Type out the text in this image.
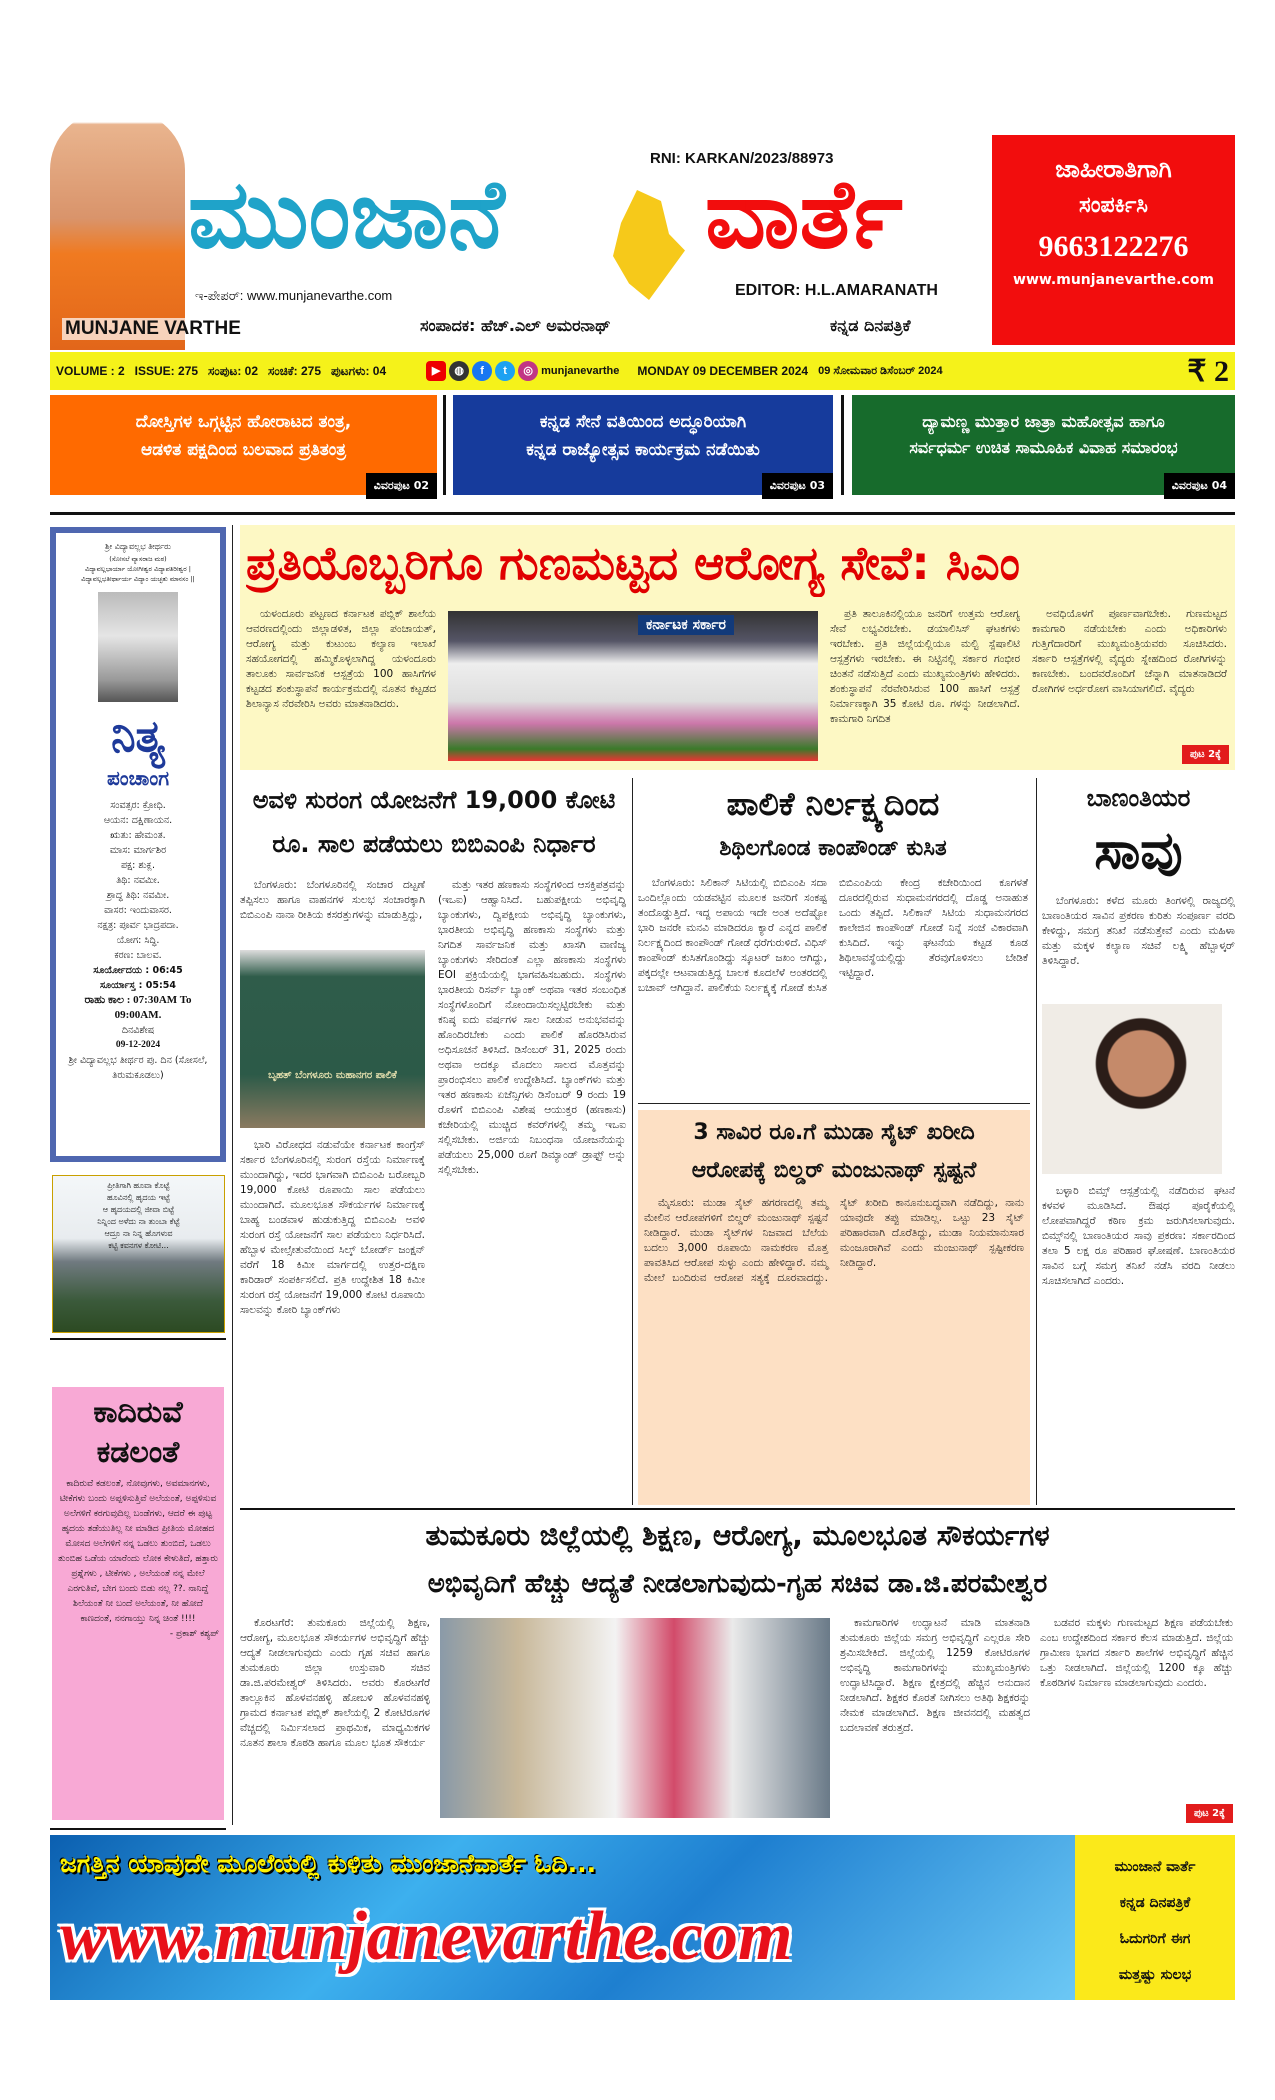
MUNJANE VARTHE
RNI: KARKAN/2023/88973
ಮುಂಜಾನೆ ವಾರ್ತೆ
ಇ-ಪೇಪರ್: www.munjanevarthe.com	EDITOR: H.L.AMARANATH
ಸಂಪಾದಕ: ಹೆಚ್.ಎಲ್ ಅಮರನಾಥ್	ಕನ್ನಡ ದಿನಪತ್ರಿಕೆ
ಜಾಹೀರಾತಿಗಾಗಿ
ಸಂಪರ್ಕಿಸಿ
9663122276
www.munjanevarthe.com
VOLUME : 2 ISSUE: 275 ಸಂಪುಟ: 02 ಸಂಚಿಕೆ: 275 ಪುಟಗಳು: 04	▶	◍	f	t	◎ munjanevarthe MONDAY 09 DECEMBER 2024 09 ಸೋಮವಾರ ಡಿಸೆಂಬರ್ 2024	₹ 2
ದೋಸ್ತಿಗಳ ಒಗ್ಗಟ್ಟಿನ ಹೋರಾಟದ ತಂತ್ರ,
ಆಡಳಿತ ಪಕ್ಷದಿಂದ ಬಲವಾದ ಪ್ರತಿತಂತ್ರ
ವಿವರಪುಟ 02
ಕನ್ನಡ ಸೇನೆ ವತಿಯಿಂದ ಅದ್ಧೂರಿಯಾಗಿ
ಕನ್ನಡ ರಾಜ್ಯೋತ್ಸವ ಕಾರ್ಯಕ್ರಮ ನಡೆಯಿತು
ವಿವರಪುಟ 03
ದ್ಯಾಮಣ್ಣ ಮುತ್ತಾರ ಜಾತ್ರಾ ಮಹೋತ್ಸವ ಹಾಗೂ
ಸರ್ವಧರ್ಮ ಉಚಿತ ಸಾಮೂಹಿಕ ವಿವಾಹ ಸಮಾರಂಭ
ವಿವರಪುಟ 04
ಶ್ರೀ ವಿದ್ಯಾವಲ್ಲಭ ತೀರ್ಥರು
(ಸೋಸಲೆ ವ್ಯಾಸರಾಜ ಮಠ)
ವಿದ್ಯಾವಲ್ಲಭಾರ್ಯಾ ಯೋಗೀಶ್ವರ ವಿದ್ಯಾಪತಿರೀಶ್ವರ |
ವಿದ್ಯಾವಲ್ಲಭತೀರ್ಥಾರ್ಯ ವಿದ್ಯಾಂ ಯಚ್ಛತು ಮಾನಸಂ ||
ನಿತ್ಯ
ಪಂಚಾಂಗ
ಸಂವತ್ಸರ: ಕ್ರೋಧಿ.
ಆಯನ: ದಕ್ಷಿಣಾಯನ.
ಋತು: ಹೇಮಂತ.
ಮಾಸ: ಮಾರ್ಗಶಿರ
ಪಕ್ಷ: ಶುಕ್ಲ.
ತಿಥಿ: ನವಮೀ.
ಶ್ರಾದ್ಧ ತಿಥಿ: ನವಮೀ.
ವಾಸರ: ಇಂದುವಾಸರ.
ನಕ್ಷತ್ರ: ಪೂರ್ವ ಭಾದ್ರಪದಾ.
ಯೋಗ: ಸಿದ್ಧಿ.
ಕರಣ: ಬಾಲವ.
ಸೂರ್ಯೋದಯ : 06:45
ಸೂರ್ಯಾಸ್ತ : 05:54
ರಾಹು ಕಾಲ : 07:30AM To 09:00AM.
ದಿನವಿಶೇಷ
09-12-2024
ಶ್ರೀ ವಿದ್ಯಾವಲ್ಲಭ ತೀರ್ಥರ ಪು. ದಿನ (ಸೋಸಲೆ, ತಿರುಮಕೂಡಲು)
ಪ್ರೀತಿಗಾಗಿ ಹೂವಾ ಕೊಟ್ಟೆ
ಹೂವಿನಲ್ಲಿ ಹೃದಯ ಇಟ್ಟೆ
ಆ ಹೃದಯದಲ್ಲಿ ಜೀವಾ ಬಿಟ್ಟೆ
ನಿನ್ನಿಂದ ಅಳೆದು ನಾ ತುಂಬಾ ಕೆಟ್ಟೆ
ಆದ್ರೂ ನಾ ನಿನ್ನ ಹೊಗಳುವ
ಕಟ್ಟಿ ಕವನಗಳ ಕೋಟಿ...
ಕಾದಿರುವೆ
ಕಡಲಂತೆ
ಕಾದಿರುವೆ ಕಡಲಂತೆ, ನೋವುಗಳು, ಅವಮಾನಗಳು, ಟೀಕೆಗಳು ಬಂದು ಅಪ್ಪಳಿಸುತ್ತಿವೆ ಅಲೆಯಂತೆ, ಅಪ್ಪಳಿಸುವ ಅಲೆಗಳಿಗೆ ಕರಗುವುದಿಲ್ಲ ಬಂಡೆಗಳು, ಆದರೆ ಈ ಪುಟ್ಟ ಹೃದಯ ತಡೆಯುತಿಲ್ಲ ನೀ ಮಾಡಿದ ಪ್ರೀತಿಯ ಮೋಹದ ಮೋಸದ ಅಲೆಗಳಿಗೆ ನನ್ನ ಒಡಲು ತುಂಬಿದೆ, ಒಡಲು ತುಂಬಿಹ ಒಡೆಯ ಯಾರೆಂದು ಲೋಕ ಕೇಳುತಿದೆ, ಹತ್ತಾರು ಪ್ರಶ್ನೆಗಳು , ಟೀಕೆಗಳು , ಅಲೆಯಂತೆ ನನ್ನ ಮೇಲೆ ಎರಗುತಿವೆ, ಬೇಗ ಬಂದು ಬಿಡು ನಲ್ಲ ??. ನಾನಿದ್ದೆ ಶಿಲೆಯಂತೆ ನೀ ಬಂದೆ ಅಲೆಯಂತೆ, ನೀ ಹೋದೆ ಕಾಣದಂತೆ, ನನಗಾಯ್ತು ನಿನ್ನ ಚಿಂತೆ !!!!
- ಪ್ರಕಾಶ್ ಕಶ್ಯಪ್
ಪ್ರತಿಯೊಬ್ಬರಿಗೂ ಗುಣಮಟ್ಟದ ಆರೋಗ್ಯ ಸೇವೆ: ಸಿಎಂ
ಯಳಂದೂರು ಪಟ್ಟಣದ ಕರ್ನಾಟಕ ಪಬ್ಲಿಕ್ ಶಾಲೆಯ ಆವರಣದಲ್ಲಿಂದು ಜಿಲ್ಲಾಡಳಿತ, ಜಿಲ್ಲಾ ಪಂಚಾಯತ್, ಆರೋಗ್ಯ ಮತ್ತು ಕುಟುಂಬ ಕಲ್ಯಾಣ ಇಲಾಖೆ ಸಹಯೋಗದಲ್ಲಿ ಹಮ್ಮಿಕೊಳ್ಳಲಾಗಿದ್ದ ಯಳಂದೂರು ತಾಲೂಕು ಸಾರ್ವಜನಿಕ ಆಸ್ಪತ್ರೆಯ 100 ಹಾಸಿಗೆಗಳ ಕಟ್ಟಡದ ಶಂಕುಸ್ಥಾಪನೆ ಕಾರ್ಯಕ್ರಮದಲ್ಲಿ ನೂತನ ಕಟ್ಟಡದ ಶಿಲಾನ್ಯಾಸ ನೆರವೇರಿಸಿ ಅವರು ಮಾತನಾಡಿದರು.
ಕರ್ನಾಟಕ ಸರ್ಕಾರ
ಪ್ರತಿ ತಾಲೂಕಿನಲ್ಲಿಯೂ ಜನರಿಗೆ ಉತ್ತಮ ಆರೋಗ್ಯ ಸೇವೆ ಲಭ್ಯವಿರಬೇಕು. ಡಯಾಲಿಸಿಸ್ ಘಟಕಗಳು ಇರಬೇಕು. ಪ್ರತಿ ಜಿಲ್ಲೆಯಲ್ಲಿಯೂ ಮಲ್ಟಿ ಸ್ಪೆಷಾಲಿಟಿ ಆಸ್ಪತ್ರೆಗಳು ಇರಬೇಕು. ಈ ನಿಟ್ಟಿನಲ್ಲಿ ಸರ್ಕಾರ ಗಂಭೀರ ಚಿಂತನೆ ನಡೆಸುತ್ತಿದೆ ಎಂದು ಮುಖ್ಯಮಂತ್ರಿಗಳು ಹೇಳಿದರು. ಶಂಕುಸ್ಥಾಪನೆ ನೆರವೇರಿಸಿರುವ 100 ಹಾಸಿಗೆ ಆಸ್ಪತ್ರೆ ನಿರ್ಮಾಣಕ್ಕಾಗಿ 35 ಕೋಟಿ ರೂ. ಗಳನ್ನು ನೀಡಲಾಗಿದೆ. ಕಾಮಗಾರಿ ನಿಗದಿತ
ಅವಧಿಯೊಳಗೆ ಪೂರ್ಣವಾಗಬೇಕು. ಗುಣಮಟ್ಟದ ಕಾಮಗಾರಿ ನಡೆಯಬೇಕು ಎಂದು ಅಧಿಕಾರಿಗಳು ಗುತ್ತಿಗೆದಾರರಿಗೆ ಮುಖ್ಯಮಂತ್ರಿಯವರು ಸೂಚಿಸಿದರು. ಸರ್ಕಾರಿ ಆಸ್ಪತ್ರೆಗಳಲ್ಲಿ ವೈದ್ಯರು ಸ್ನೇಹದಿಂದ ರೋಗಿಗಳನ್ನು ಕಾಣಬೇಕು. ಬಂದವರೊಂದಿಗೆ ಚೆನ್ನಾಗಿ ಮಾತನಾಡಿದರೆ ರೋಗಿಗಳ ಅರ್ಧರೋಗ ವಾಸಿಯಾಗಲಿದೆ. ವೈದ್ಯರು
ಪುಟ 2ಕ್ಕೆ
ಅವಳಿ ಸುರಂಗ ಯೋಜನೆಗೆ 19,000 ಕೋಟಿ
ರೂ. ಸಾಲ ಪಡೆಯಲು ಬಿಬಿಎಂಪಿ ನಿರ್ಧಾರ
ಬೆಂಗಳೂರು: ಬೆಂಗಳೂರಿನಲ್ಲಿ ಸಂಚಾರ ದಟ್ಟಣೆ ತಪ್ಪಿಸಲು ಹಾಗೂ ವಾಹನಗಳ ಸುಲಭ ಸಂಚಾರಕ್ಕಾಗಿ ಬಿಬಿಎಂಪಿ ನಾನಾ ರೀತಿಯ ಕಸರತ್ತುಗಳನ್ನು ಮಾಡುತ್ತಿದ್ದು,
ಬೃಹತ್ ಬೆಂಗಳೂರು ಮಹಾನಗರ ಪಾಲಿಕೆ
ಭಾರಿ ವಿರೋಧದ ನಡುವೆಯೇ ಕರ್ನಾಟಕ ಕಾಂಗ್ರೆಸ್ ಸರ್ಕಾರ ಬೆಂಗಳೂರಿನಲ್ಲಿ ಸುರಂಗ ರಸ್ತೆಯ ನಿರ್ಮಾಣಕ್ಕೆ ಮುಂದಾಗಿದ್ದು, ಇದರ ಭಾಗವಾಗಿ ಬಿಬಿಎಂಪಿ ಬರೋಬ್ಬರಿ 19,000 ಕೋಟಿ ರೂಪಾಯಿ ಸಾಲ ಪಡೆಯಲು ಮುಂದಾಗಿದೆ. ಮೂಲಭೂತ ಸೌಕರ್ಯಗಳ ನಿರ್ಮಾಣಕ್ಕೆ ಬಾಹ್ಯ ಬಂಡವಾಳ ಹುಡುಕುತ್ತಿದ್ದ ಬಿಬಿಎಂಪಿ ಅವಳಿ ಸುರಂಗ ರಸ್ತೆ ಯೋಜನೆಗೆ ಸಾಲ ಪಡೆಯಲು ನಿರ್ಧರಿಸಿದೆ. ಹೆಬ್ಬಾಳ ಮೇಲ್ಸೇತುವೆಯಿಂದ ಸಿಲ್ಕ್ ಬೋರ್ಡ್ ಜಂಕ್ಷನ್ ವರೆಗೆ 18 ಕಿಮೀ ಮಾರ್ಗದಲ್ಲಿ ಉತ್ತರ-ದಕ್ಷಿಣ ಕಾರಿಡಾರ್ ಸಂಪರ್ಕಿಸಲಿದೆ. ಪ್ರತಿ ಉದ್ದೇಶಿತ 18 ಕಿಮೀ ಸುರಂಗ ರಸ್ತೆ ಯೋಜನೆಗೆ 19,000 ಕೋಟಿ ರೂಪಾಯಿ ಸಾಲವನ್ನು ಕೋರಿ ಬ್ಯಾಂಕ್‌ಗಳು
ಮತ್ತು ಇತರ ಹಣಕಾಸು ಸಂಸ್ಥೆಗಳಿಂದ ಆಸಕ್ತಿಪತ್ರವನ್ನು (ಇಒಐ) ಆಹ್ವಾನಿಸಿದೆ. ಬಹುಪಕ್ಷೀಯ ಅಭಿವೃದ್ಧಿ ಬ್ಯಾಂಕುಗಳು, ದ್ವಿಪಕ್ಷೀಯ ಅಭಿವೃದ್ಧಿ ಬ್ಯಾಂಕುಗಳು, ಭಾರತೀಯ ಅಭಿವೃದ್ಧಿ ಹಣಕಾಸು ಸಂಸ್ಥೆಗಳು ಮತ್ತು ನಿಗದಿತ ಸಾರ್ವಜನಿಕ ಮತ್ತು ಖಾಸಗಿ ವಾಣಿಜ್ಯ ಬ್ಯಾಂಕುಗಳು ಸೇರಿದಂತೆ ಎಲ್ಲಾ ಹಣಕಾಸು ಸಂಸ್ಥೆಗಳು EOI ಪ್ರಕ್ರಿಯೆಯಲ್ಲಿ ಭಾಗವಹಿಸಬಹುದು. ಸಂಸ್ಥೆಗಳು ಭಾರತೀಯ ರಿಸರ್ವ್ ಬ್ಯಾಂಕ್ ಅಥವಾ ಇತರ ಸಂಬಂಧಿತ ಸಂಸ್ಥೆಗಳೊಂದಿಗೆ ನೋಂದಾಯಿಸಲ್ಪಟ್ಟಿರಬೇಕು ಮತ್ತು ಕನಿಷ್ಠ ಐದು ವರ್ಷಗಳ ಸಾಲ ನೀಡುವ ಅನುಭವವನ್ನು ಹೊಂದಿರಬೇಕು ಎಂದು ಪಾಲಿಕೆ ಹೊರಡಿಸಿರುವ ಅಧಿಸೂಚನೆ ತಿಳಿಸಿದೆ. ಡಿಸೆಂಬರ್ 31, 2025 ರಂದು ಅಥವಾ ಅದಕ್ಕೂ ಮೊದಲು ಸಾಲದ ಮೊತ್ತವನ್ನು ಪ್ರಾರಂಭಿಸಲು ಪಾಲಿಕೆ ಉದ್ದೇಶಿಸಿದೆ. ಬ್ಯಾಂಕ್‌ಗಳು ಮತ್ತು ಇತರ ಹಣಕಾಸು ಏಜೆನ್ಸಿಗಳು ಡಿಸೆಂಬರ್ 9 ರಂದು 19 ರೊಳಗೆ ಬಿಬಿಎಂಪಿ ವಿಶೇಷ ಆಯುಕ್ತರ (ಹಣಕಾಸು) ಕಚೇರಿಯಲ್ಲಿ ಮುಚ್ಚಿದ ಕವರ್‌ಗಳಲ್ಲಿ ತಮ್ಮ ಇಒಐ ಸಲ್ಲಿಸಬೇಕು. ಅರ್ಜಿಯ ನಿಬಂಧನಾ ಯೋಜನೆಯನ್ನು ಪಡೆಯಲು 25,000 ರೂಗೆ ಡಿಮ್ಯಾಂಡ್ ಡ್ರಾಫ್ಟ್ ಅನ್ನು ಸಲ್ಲಿಸಬೇಕು.
ಪಾಲಿಕೆ ನಿರ್ಲಕ್ಷ್ಯದಿಂದ
ಶಿಥಿಲಗೊಂಡ ಕಾಂಪೌಂಡ್ ಕುಸಿತ
ಬೆಂಗಳೂರು: ಸಿಲಿಕಾನ್ ಸಿಟಿಯಲ್ಲಿ ಬಿಬಿಎಂಪಿ ಸದಾ ಒಂದಿಲ್ಲೊಂದು ಯಡವಟ್ಟಿನ ಮೂಲಕ ಜನರಿಗೆ ಸಂಕಷ್ಟ ತಂದೊಡ್ಡುತ್ತಿದೆ. ಇದ್ದ ಅಪಾಯ ಇದೇ ಅಂತ ಅದೆಷ್ಟೋ ಭಾರಿ ಜನರೇ ಮನವಿ ಮಾಡಿದರೂ ಕ್ಯಾರೆ ಎನ್ನದ ಪಾಲಿಕೆ ನಿರ್ಲಕ್ಷ್ಯದಿಂದ ಕಾಂಪೌಂಡ್ ಗೋಡೆ ಧರೆಗುರುಳಿದೆ. ವಿಧಿಸ್ ಕಾಂಪೌಂಡ್ ಕುಸಿತಗೊಂಡಿದ್ದು ಸ್ಕೂಟರ್ ಜಖಂ ಆಗಿದ್ದು, ಪಕ್ಕದಲ್ಲೇ ಆಟವಾಡುತ್ತಿದ್ದ ಬಾಲಕ ಕೂದಲೆಳೆ ಅಂತರದಲ್ಲಿ ಬಚಾವ್ ಆಗಿದ್ದಾನೆ. ಪಾಲಿಕೆಯ ನಿರ್ಲಕ್ಷ್ಯಕ್ಕೆ ಗೋಡೆ ಕುಸಿತ ಬಿಬಿಎಂಪಿಯ ಕೇಂದ್ರ ಕಚೇರಿಯಿಂದ ಕೂಗಳತೆ ದೂರದಲ್ಲಿರುವ ಸುಧಾಮನಗರದಲ್ಲಿ ದೊಡ್ಡ ಅನಾಹುತ ಒಂದು ತಪ್ಪಿದೆ. ಸಿಲಿಕಾನ್ ಸಿಟಿಯ ಸುಧಾಮನಗರದ ಕಾಲೇಜಿನ ಕಾಂಪೌಂಡ್ ಗೋಡೆ ನಿನ್ನೆ ಸಂಜೆ ವಿಕಾರವಾಗಿ ಕುಸಿದಿದೆ. ಇನ್ನು ಘಟನೆಯ ಕಟ್ಟಡ ಕೂಡ ಶಿಥಿಲಾವಸ್ಥೆಯಲ್ಲಿದ್ದು ತೆರವುಗೊಳಿಸಲು ಬೇಡಿಕೆ ಇಟ್ಟಿದ್ದಾರೆ.
3 ಸಾವಿರ ರೂ.ಗೆ ಮುಡಾ ಸೈಟ್ ಖರೀದಿ
ಆರೋಪಕ್ಕೆ ಬಿಲ್ಡರ್ ಮಂಜುನಾಥ್ ಸ್ಪಷ್ಟನೆ
ಮೈಸೂರು: ಮುಡಾ ಸೈಟ್ ಹಗರಣದಲ್ಲಿ ತಮ್ಮ ಮೇಲಿನ ಆರೋಪಗಳಿಗೆ ಬಿಲ್ಡರ್ ಮಂಜುನಾಥ್ ಸ್ಪಷ್ಟನೆ ನೀಡಿದ್ದಾರೆ. ಮುಡಾ ಸೈಟ್‌ಗಳ ನಿಜವಾದ ಬೆಲೆಯ ಬದಲು 3,000 ರೂಪಾಯಿ ನಾಮಕರಣ ಮೊತ್ತ ಪಾವತಿಸಿದ ಆರೋಪ ಸುಳ್ಳು ಎಂದು ಹೇಳಿದ್ದಾರೆ. ನಮ್ಮ ಮೇಲೆ ಬಂದಿರುವ ಆರೋಪ ಸತ್ಯಕ್ಕೆ ದೂರವಾದದ್ದು. ಸೈಟ್ ಖರೀದಿ ಕಾನೂನುಬದ್ಧವಾಗಿ ನಡೆದಿದ್ದು, ನಾನು ಯಾವುದೇ ತಪ್ಪು ಮಾಡಿಲ್ಲ. ಒಟ್ಟು 23 ಸೈಟ್ ಪರಿಹಾರವಾಗಿ ದೊರೆತಿದ್ದು, ಮುಡಾ ನಿಯಮಾನುಸಾರ ಮಂಜೂರಾಗಿವೆ ಎಂದು ಮಂಜುನಾಥ್ ಸ್ಪಷ್ಟೀಕರಣ ನೀಡಿದ್ದಾರೆ.
ಬಾಣಂತಿಯರ
ಸಾವು
ಬೆಂಗಳೂರು: ಕಳೆದ ಮೂರು ತಿಂಗಳಲ್ಲಿ ರಾಜ್ಯದಲ್ಲಿ ಬಾಣಂತಿಯರ ಸಾವಿನ ಪ್ರಕರಣ ಕುರಿತು ಸಂಪೂರ್ಣ ವರದಿ ಕೇಳಿದ್ದು, ಸಮಗ್ರ ತನಿಖೆ ನಡೆಸುತ್ತೇವೆ ಎಂದು ಮಹಿಳಾ ಮತ್ತು ಮಕ್ಕಳ ಕಲ್ಯಾಣ ಸಚಿವೆ ಲಕ್ಷ್ಮಿ ಹೆಬ್ಬಾಳ್ಕರ್ ತಿಳಿಸಿದ್ದಾರೆ.
ಬಳ್ಳಾರಿ ಬಿಮ್ಸ್ ಆಸ್ಪತ್ರೆಯಲ್ಲಿ ನಡೆದಿರುವ ಘಟನೆ ಕಳವಳ ಮೂಡಿಸಿದೆ. ಔಷಧ ಪೂರೈಕೆಯಲ್ಲಿ ಲೋಪವಾಗಿದ್ದರೆ ಕಠಿಣ ಕ್ರಮ ಜರುಗಿಸಲಾಗುವುದು. ಬಿಮ್ಸ್‌ನಲ್ಲಿ ಬಾಣಂತಿಯರ ಸಾವು ಪ್ರಕರಣ: ಸರ್ಕಾರದಿಂದ ತಲಾ 5 ಲಕ್ಷ ರೂ ಪರಿಹಾರ ಘೋಷಣೆ. ಬಾಣಂತಿಯರ ಸಾವಿನ ಬಗ್ಗೆ ಸಮಗ್ರ ತನಿಖೆ ನಡೆಸಿ ವರದಿ ನೀಡಲು ಸೂಚಿಸಲಾಗಿದೆ ಎಂದರು.
ತುಮಕೂರು ಜಿಲ್ಲೆಯಲ್ಲಿ ಶಿಕ್ಷಣ, ಆರೋಗ್ಯ, ಮೂಲಭೂತ ಸೌಕರ್ಯಗಳ
ಅಭಿವೃದಿಗೆ ಹೆಚ್ಚು ಆದ್ಯತೆ ನೀಡಲಾಗುವುದು-ಗೃಹ ಸಚಿವ ಡಾ.ಜಿ.ಪರಮೇಶ್ವರ
ಕೊರಟಗೆರೆ: ತುಮಕೂರು ಜಿಲ್ಲೆಯಲ್ಲಿ ಶಿಕ್ಷಣ, ಆರೋಗ್ಯ, ಮೂಲಭೂತ ಸೌಕರ್ಯಗಳ ಅಭಿವೃದ್ಧಿಗೆ ಹೆಚ್ಚು ಆದ್ಯತೆ ನೀಡಲಾಗುವುದು ಎಂದು ಗೃಹ ಸಚಿವ ಹಾಗೂ ತುಮಕೂರು ಜಿಲ್ಲಾ ಉಸ್ತುವಾರಿ ಸಚಿವ ಡಾ.ಜಿ.ಪರಮೇಶ್ವರ್ ತಿಳಿಸಿದರು. ಅವರು ಕೊರಟಗೆರೆ ತಾಲ್ಲೂಕಿನ ಹೊಳವನಹಳ್ಳಿ ಹೋಬಳಿ ಹೊಳವನಹಳ್ಳಿ ಗ್ರಾಮದ ಕರ್ನಾಟಕ ಪಬ್ಲಿಕ್ ಶಾಲೆಯಲ್ಲಿ 2 ಕೋಟಿರೂಗಳ ವೆಚ್ಚದಲ್ಲಿ ನಿರ್ಮಿಸಲಾದ ಪ್ರಾಥಮಿಕ, ಮಾಧ್ಯಮಿಕಗಳ ನೂತನ ಶಾಲಾ ಕೊಠಡಿ ಹಾಗೂ ಮೂಲ ಭೂತ ಸೌಕರ್ಯ
ಕಾಮಗಾರಿಗಳ ಉದ್ಘಾಟನೆ ಮಾಡಿ ಮಾತನಾಡಿ ತುಮಕೂರು ಜಿಲ್ಲೆಯ ಸಮಗ್ರ ಅಭಿವೃದ್ಧಿಗೆ ಎಲ್ಲರೂ ಸೇರಿ ಶ್ರಮಿಸಬೇಕಿದೆ. ಜಿಲ್ಲೆಯಲ್ಲಿ 1259 ಕೋಟಿರೂಗಳ ಅಭಿವೃದ್ಧಿ ಕಾಮಗಾರಿಗಳನ್ನು ಮುಖ್ಯಮಂತ್ರಿಗಳು ಉದ್ಘಾಟಿಸಿದ್ದಾರೆ. ಶಿಕ್ಷಣ ಕ್ಷೇತ್ರದಲ್ಲಿ ಹೆಚ್ಚಿನ ಅನುದಾನ ನೀಡಲಾಗಿದೆ. ಶಿಕ್ಷಕರ ಕೊರತೆ ನೀಗಿಸಲು ಅತಿಥಿ ಶಿಕ್ಷಕರನ್ನು ನೇಮಕ ಮಾಡಲಾಗಿದೆ. ಶಿಕ್ಷಣ ಜೀವನದಲ್ಲಿ ಮಹತ್ವದ ಬದಲಾವಣೆ ತರುತ್ತದೆ.
ಬಡವರ ಮಕ್ಕಳು ಗುಣಮಟ್ಟದ ಶಿಕ್ಷಣ ಪಡೆಯಬೇಕು ಎಂಬ ಉದ್ದೇಶದಿಂದ ಸರ್ಕಾರ ಕೆಲಸ ಮಾಡುತ್ತಿದೆ. ಜಿಲ್ಲೆಯ ಗ್ರಾಮೀಣ ಭಾಗದ ಸರ್ಕಾರಿ ಶಾಲೆಗಳ ಅಭಿವೃದ್ಧಿಗೆ ಹೆಚ್ಚಿನ ಒತ್ತು ನೀಡಲಾಗಿದೆ. ಜಿಲ್ಲೆಯಲ್ಲಿ 1200 ಕ್ಕೂ ಹೆಚ್ಚು ಕೊಠಡಿಗಳ ನಿರ್ಮಾಣ ಮಾಡಲಾಗುವುದು ಎಂದರು.
ಪುಟ 2ಕ್ಕೆ
ಜಗತ್ತಿನ ಯಾವುದೇ ಮೂಲೆಯಲ್ಲಿ ಕುಳಿತು ಮುಂಜಾನೆವಾರ್ತೆ ಓದಿ...
www.munjanevarthe.com
ಮುಂಜಾನೆ ವಾರ್ತೆ
ಕನ್ನಡ ದಿನಪತ್ರಿಕೆ
ಓದುಗರಿಗೆ ಈಗ
ಮತ್ತಷ್ಟು ಸುಲಭ
